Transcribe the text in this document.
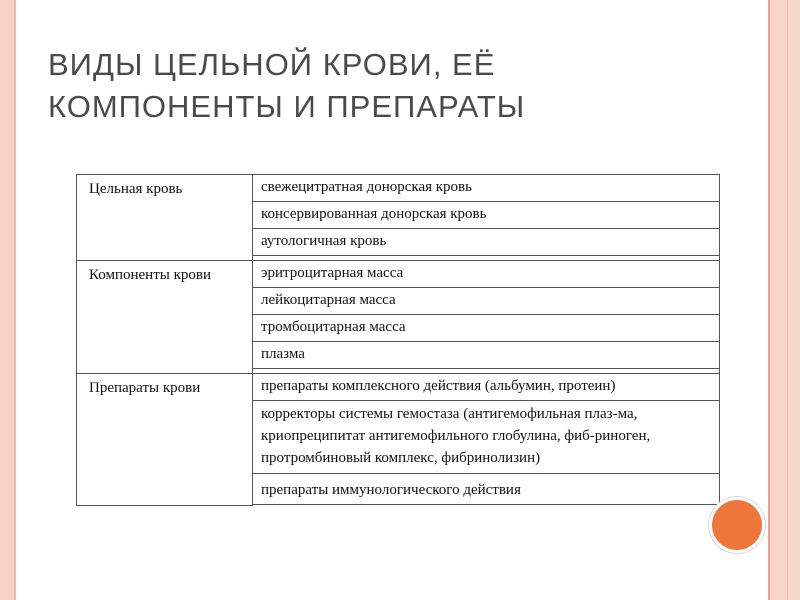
ВИДЫ ЦЕЛЬНОЙ КРОВИ, ЕЁ КОМПОНЕНТЫ И ПРЕПАРАТЫ
Цельная кровь	свежецитратная донорская кровь
консервированная донорская кровь
аутологичная кровь

Компоненты крови	эритроцитарная масса
лейкоцитарная масса
тромбоцитарная масса
плазма

Препараты крови	препараты комплексного действия (альбумин, протеин)
корректоры системы гемостаза (антигемофильная плаз-ма, криопреципитат антигемофильного глобулина, фиб-риноген, протромбиновый комплекс, фибринолизин)
препараты иммунологического действия
